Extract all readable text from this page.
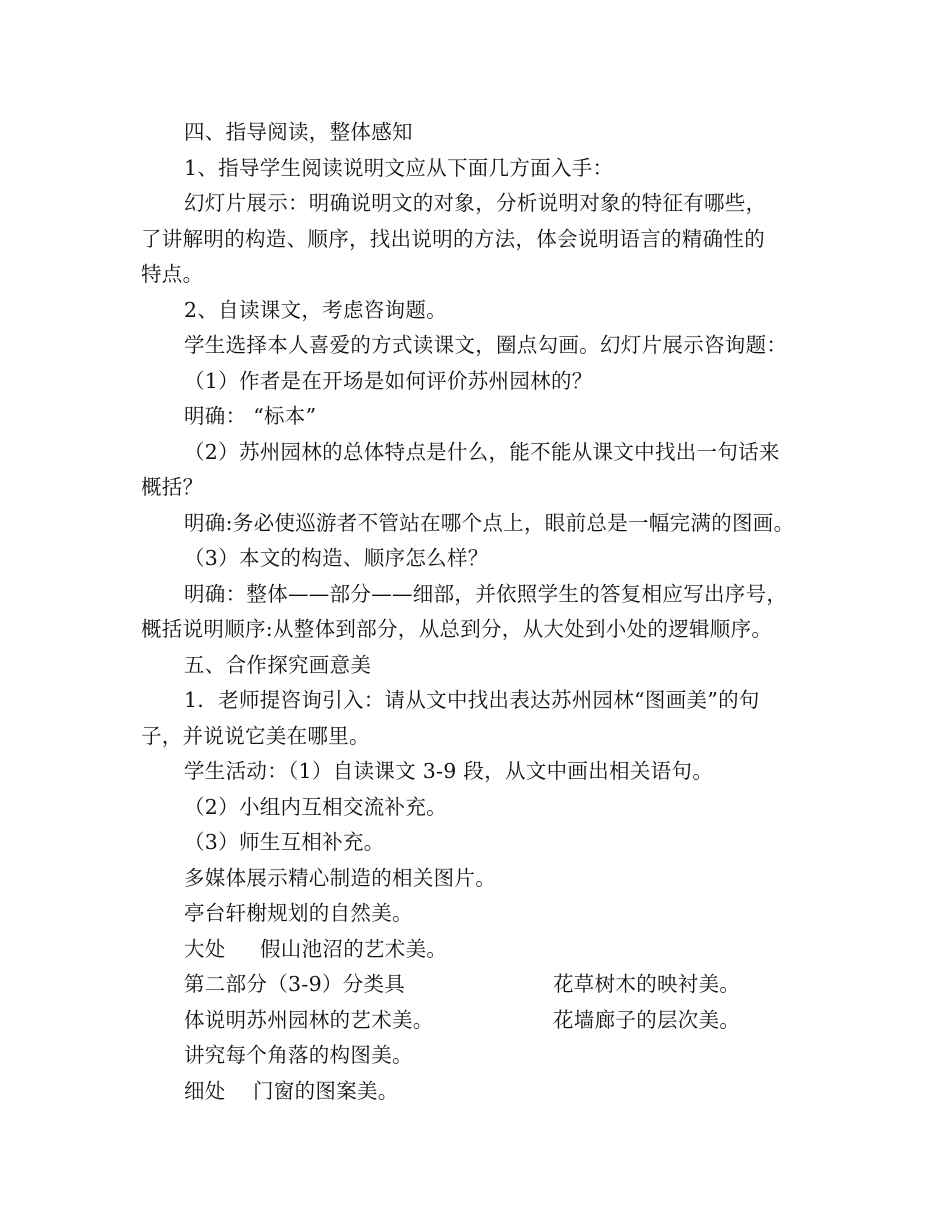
四、指导阅读，整体感知
1、指导学生阅读说明文应从下面几方面入手：
幻灯片展示：明确说明文的对象，分析说明对象的特征有哪些，
了讲解明的构造、顺序，找出说明的方法，体会说明语言的精确性的
特点。
2、自读课文，考虑咨询题。
学生选择本人喜爱的方式读课文，圈点勾画。幻灯片展示咨询题：
（1）作者是在开场是如何评价苏州园林的？
明确： “标本”
（2）苏州园林的总体特点是什么，能不能从课文中找出一句话来
概括？
明确:务必使巡游者不管站在哪个点上，眼前总是一幅完满的图画。
（3）本文的构造、顺序怎么样？
明确：整体——部分——细部，并依照学生的答复相应写出序号，
概括说明顺序:从整体到部分，从总到分，从大处到小处的逻辑顺序。
五、合作探究画意美
1．老师提咨询引入：请从文中找出表达苏州园林“图画美”的句
子，并说说它美在哪里。
学生活动：（1）自读课文 3-9 段，从文中画出相关语句。
（2）小组内互相交流补充。
（3）师生互相补充。
多媒体展示精心制造的相关图片。
亭台轩榭规划的自然美。
大处 假山池沼的艺术美。
第二部分（3-9）分类具	花草树木的映衬美。
体说明苏州园林的艺术美。	花墙廊子的层次美。
讲究每个角落的构图美。
细处 门窗的图案美。
